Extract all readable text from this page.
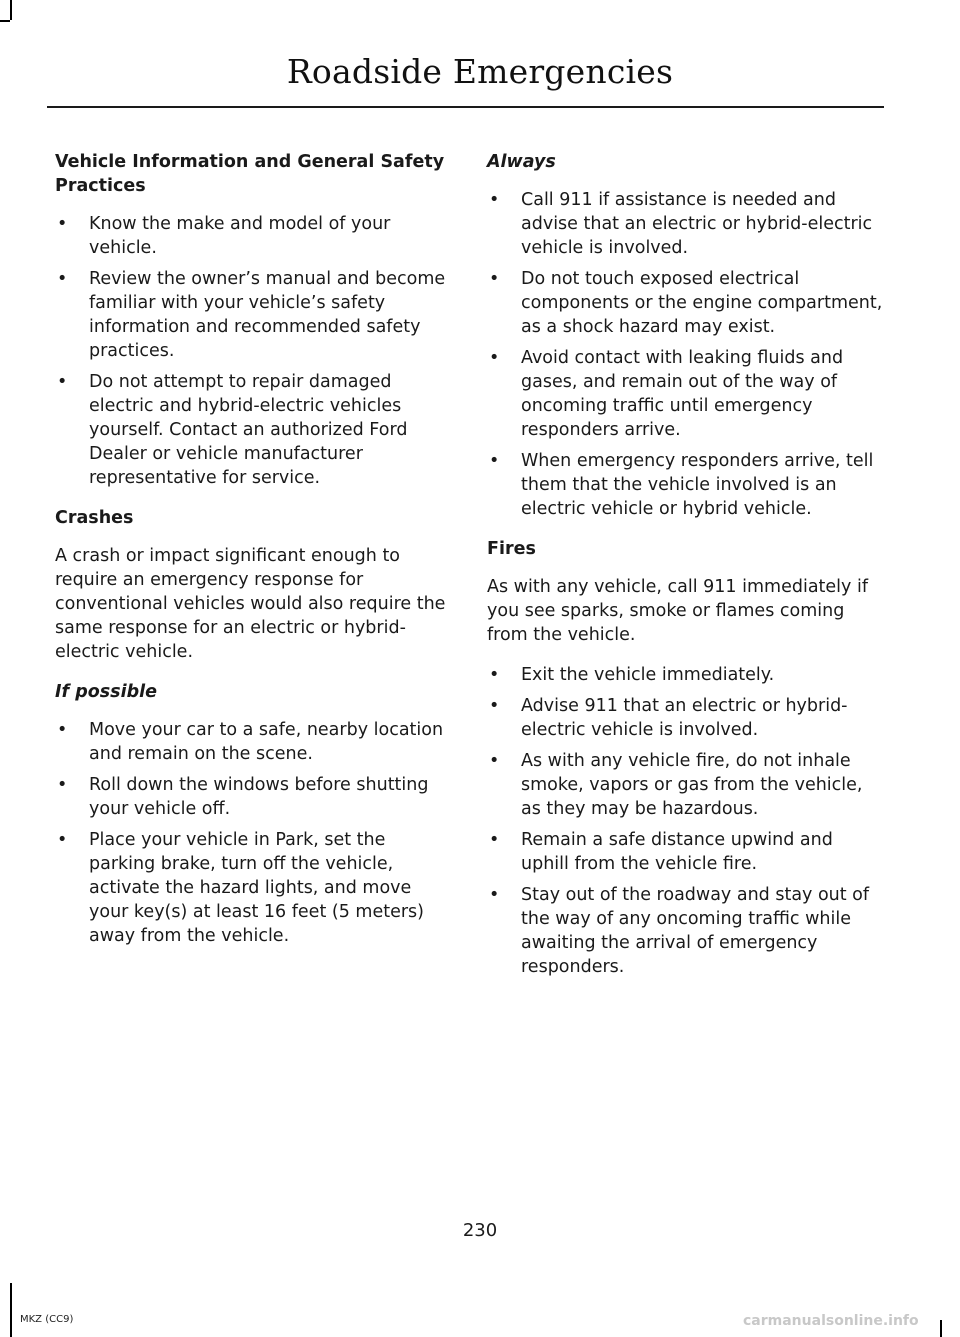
Roadside Emergencies
Vehicle Information and General Safety Practices
• Know the make and model of your vehicle.
• Review the owner’s manual and become familiar with your vehicle’s safety information and recommended safety practices.
• Do not attempt to repair damaged electric and hybrid-electric vehicles yourself. Contact an authorized Ford Dealer or vehicle manufacturer representative for service.
Crashes

A crash or impact significant enough to require an emergency response for conventional vehicles would also require the same response for an electric or hybrid-electric vehicle.

If possible
• Move your car to a safe, nearby location and remain on the scene.
• Roll down the windows before shutting your vehicle off.
• Place your vehicle in Park, set the parking brake, turn off the vehicle, activate the hazard lights, and move your key(s) at least 16 feet (5 meters) away from the vehicle.
Always
• Call 911 if assistance is needed and advise that an electric or hybrid-electric vehicle is involved.
• Do not touch exposed electrical components or the engine compartment, as a shock hazard may exist.
• Avoid contact with leaking fluids and gases, and remain out of the way of oncoming traffic until emergency responders arrive.
• When emergency responders arrive, tell them that the vehicle involved is an electric vehicle or hybrid vehicle.
Fires

As with any vehicle, call 911 immediately if you see sparks, smoke or flames coming from the vehicle.

• Exit the vehicle immediately.
• Advise 911 that an electric or hybrid-electric vehicle is involved.
• As with any vehicle fire, do not inhale smoke, vapors or gas from the vehicle, as they may be hazardous.
• Remain a safe distance upwind and uphill from the vehicle fire.
• Stay out of the roadway and stay out of the way of any oncoming traffic while awaiting the arrival of emergency responders.
230
MKZ (CC9)	carmanualsonline.info
